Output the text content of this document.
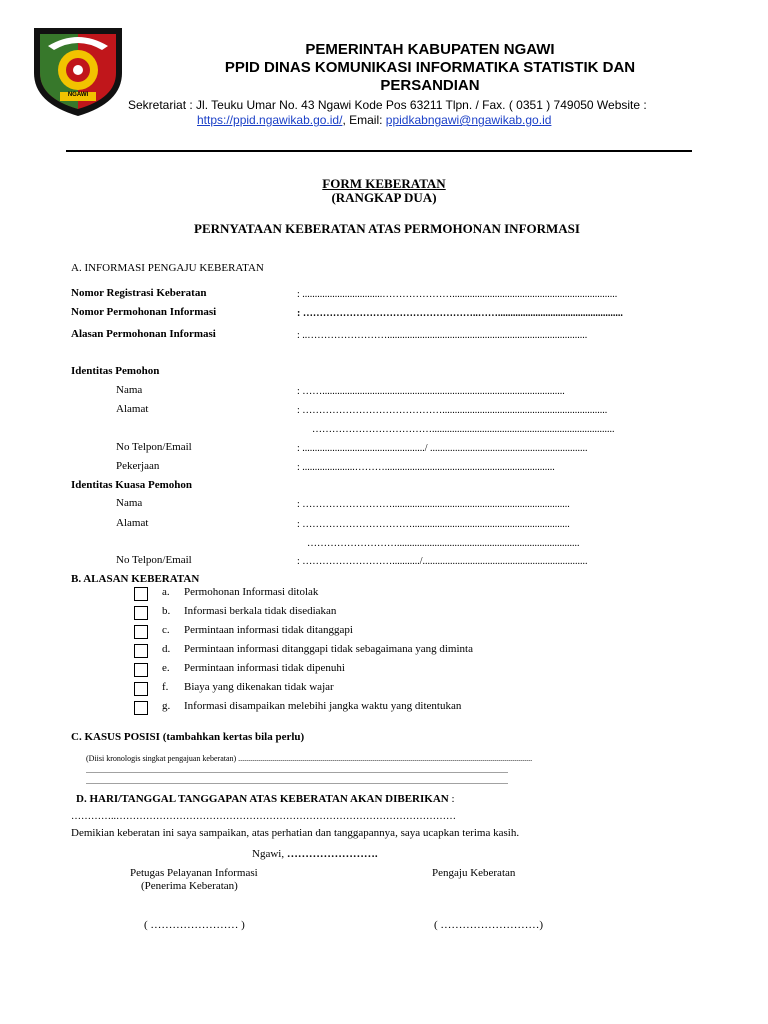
NGAWI
PEMERINTAH KABUPATEN NGAWI
PPID DINAS KOMUNIKASI INFORMATIKA STATISTIK DAN
PERSANDIAN
Sekretariat : Jl. Teuku Umar No. 43 Ngawi Kode Pos 63211 Tlpn. / Fax. ( 0351 ) 749050 Website :
https://ppid.ngawikab.go.id/, Email: ppidkabngawi@ngawikab.go.id
FORM KEBERATAN
(RANGKAP DUA)
PERNYATAAN KEBERATAN ATAS PERMOHONAN INFORMASI
A. INFORMASI PENGAJU KEBERATAN
Nomor Registrasi Keberatan	: ................................…………………..................................................................
Nomor Permohonan Informasi	: ……………………………………………..……..................................................
Alasan Permohonan Informasi	: ..……………………................................................................................
Identitas Pemohon
Nama	: …….................................................................................................
Alamat	: ……………………………………..................................................................
……………………………….........................................................................
No Telpon/Email	: ................................................./ ...............................................................
Pekerjaan	: .....................………....................................................................
Identitas Kuasa Pemohon
Nama	: ……………………….......................................................................
Alamat	: ……………………………...............................................................
……………………….........................................................................
No Telpon/Email	: ……………………….........../..................................................................
B. ALASAN KEBERATAN
a. Permohonan Informasi ditolak
b. Informasi berkala tidak disediakan
c. Permintaan informasi tidak ditanggapi
d. Permintaan informasi ditanggapi tidak sebagaimana yang diminta
e. Permintaan informasi tidak dipenuhi
f. Biaya yang dikenakan tidak wajar
g. Informasi disampaikan melebihi jangka waktu yang ditentukan
C. KASUS POSISI (tambahkan kertas bila perlu)
(Diisi kronologis singkat pengajuan keberatan) ...................................................................................................................................................
...................................................................................................................................................................................................................
...................................................................................................................................................................................................................
D. HARI/TANGGAL TANGGAPAN ATAS KEBERATAN AKAN DIBERIKAN :
…………..…………………………………………………………………………………………
Demikian keberatan ini saya sampaikan, atas perhatian dan tanggapannya, saya ucapkan terima kasih.
Ngawi, …………………….
Petugas Pelayanan Informasi
(Penerima Keberatan)
Pengaju Keberatan
( …………………… )	( ………………………)
